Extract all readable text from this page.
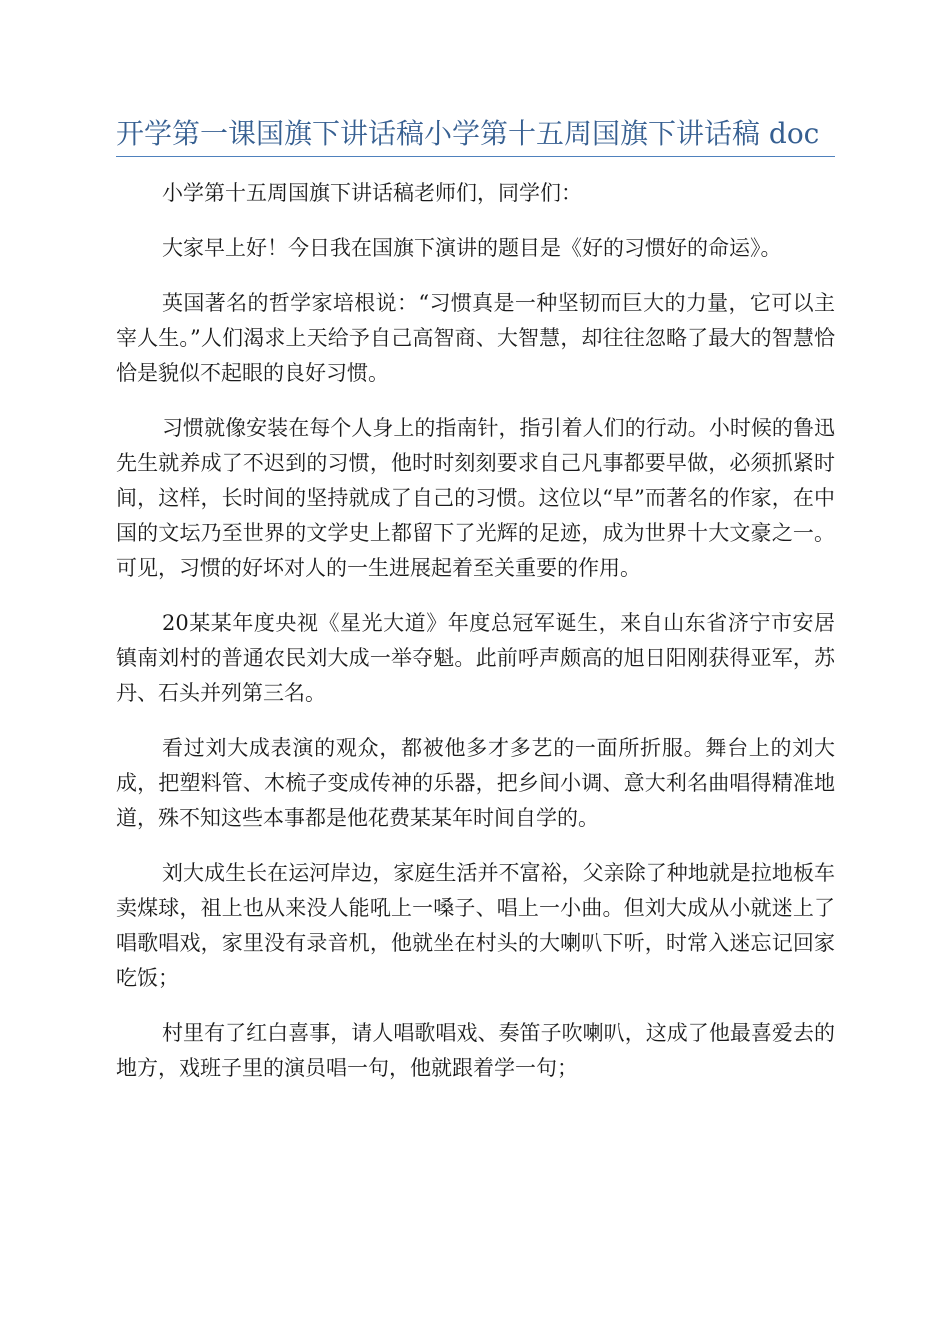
开学第一课国旗下讲话稿小学第十五周国旗下讲话稿 doc

小学第十五周国旗下讲话稿老师们，同学们：

大家早上好！今日我在国旗下演讲的题目是《好的习惯好的命运》。

英国著名的哲学家培根说：“习惯真是一种坚韧而巨大的力量，它可以主宰人生。”人们渴求上天给予自己高智商、大智慧，却往往忽略了最大的智慧恰恰是貌似不起眼的良好习惯。

习惯就像安装在每个人身上的指南针，指引着人们的行动。小时候的鲁迅先生就养成了不迟到的习惯，他时时刻刻要求自己凡事都要早做，必须抓紧时间，这样，长时间的坚持就成了自己的习惯。这位以“早”而著名的作家，在中国的文坛乃至世界的文学史上都留下了光辉的足迹，成为世界十大文豪之一。可见，习惯的好坏对人的一生进展起着至关重要的作用。

20某某年度央视《星光大道》年度总冠军诞生，来自山东省济宁市安居镇南刘村的普通农民刘大成一举夺魁。此前呼声颇高的旭日阳刚获得亚军，苏丹、石头并列第三名。

看过刘大成表演的观众，都被他多才多艺的一面所折服。舞台上的刘大成，把塑料管、木梳子变成传神的乐器，把乡间小调、意大利名曲唱得精准地道，殊不知这些本事都是他花费某某年时间自学的。

刘大成生长在运河岸边，家庭生活并不富裕，父亲除了种地就是拉地板车卖煤球，祖上也从来没人能吼上一嗓子、唱上一小曲。但刘大成从小就迷上了唱歌唱戏，家里没有录音机，他就坐在村头的大喇叭下听，时常入迷忘记回家吃饭；

村里有了红白喜事，请人唱歌唱戏、奏笛子吹喇叭，这成了他最喜爱去的地方，戏班子里的演员唱一句，他就跟着学一句；
